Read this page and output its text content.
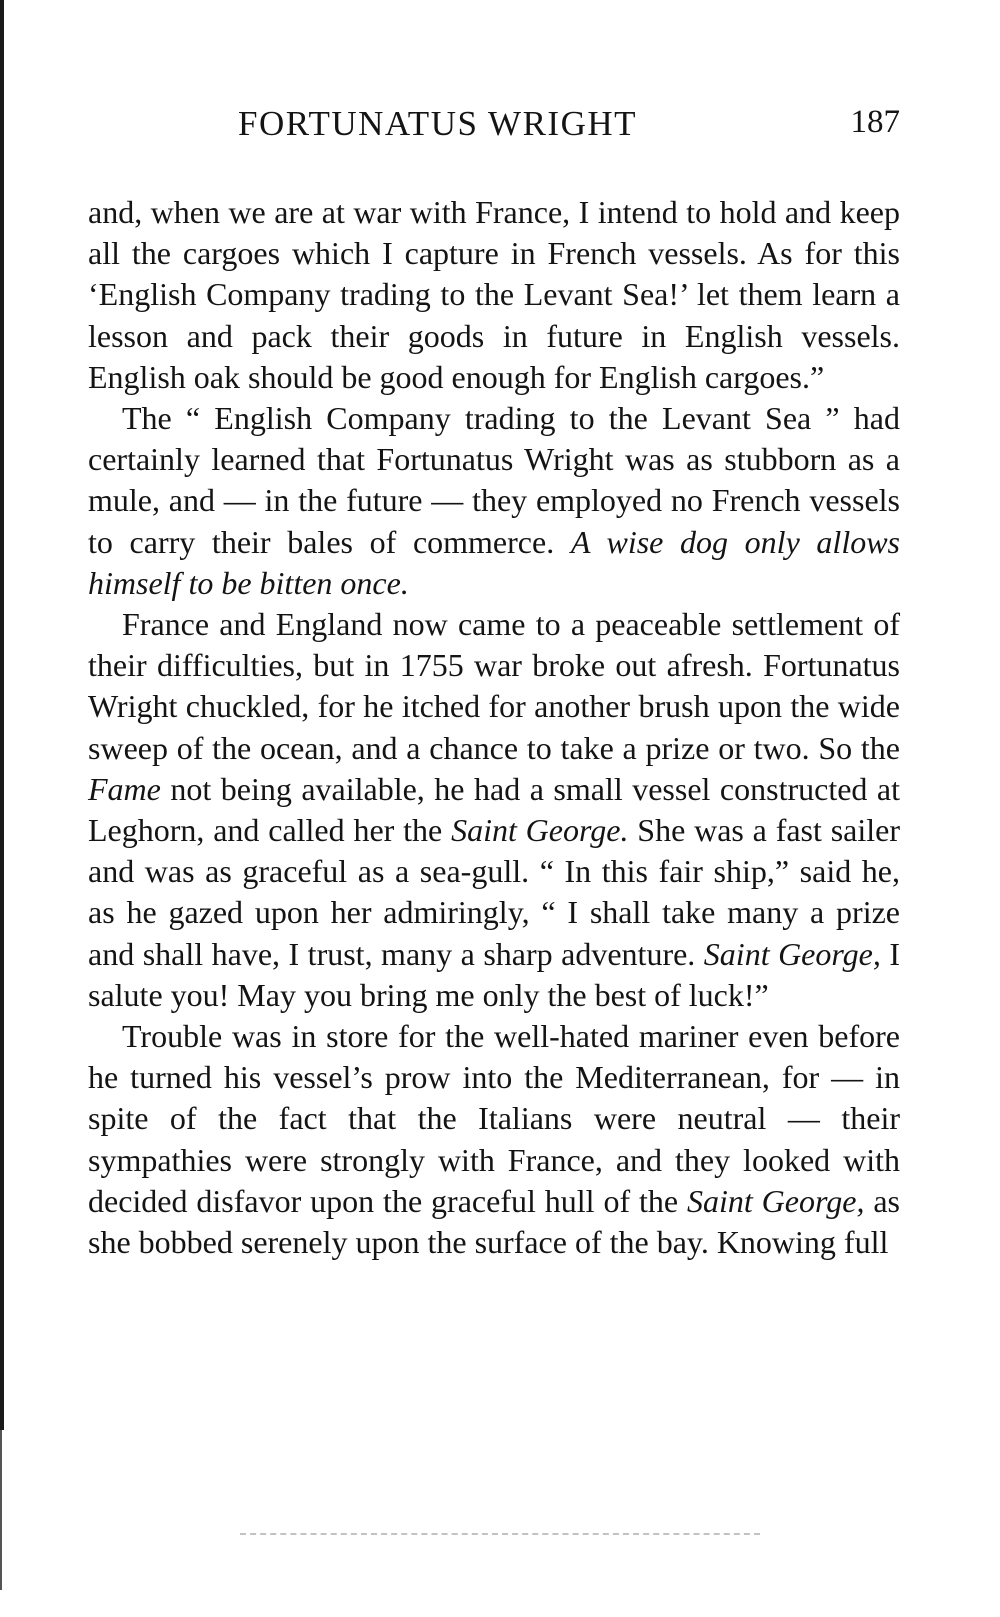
FORTUNATUS WRIGHT	187

and, when we are at war with France, I intend to hold and keep all the cargoes which I capture in French vessels. As for this ‘English Company trading to the Levant Sea!’ let them learn a lesson and pack their goods in future in English vessels. English oak should be good enough for English cargoes.”

The “ English Company trading to the Levant Sea ” had certainly learned that Fortunatus Wright was as stubborn as a mule, and — in the future — they employed no French vessels to carry their bales of commerce. A wise dog only allows himself to be bitten once.

France and England now came to a peaceable settlement of their difficulties, but in 1755 war broke out afresh. Fortunatus Wright chuckled, for he itched for another brush upon the wide sweep of the ocean, and a chance to take a prize or two. So the Fame not being available, he had a small vessel constructed at Leghorn, and called her the Saint George. She was a fast sailer and was as graceful as a sea-gull. “ In this fair ship,” said he, as he gazed upon her admiringly, “ I shall take many a prize and shall have, I trust, many a sharp adventure. Saint George, I salute you! May you bring me only the best of luck!”

Trouble was in store for the well-hated mariner even before he turned his vessel’s prow into the Mediterranean, for — in spite of the fact that the Italians were neutral — their sympathies were strongly with France, and they looked with decided disfavor upon the graceful hull of the Saint George, as she bobbed serenely upon the surface of the bay. Knowing full
